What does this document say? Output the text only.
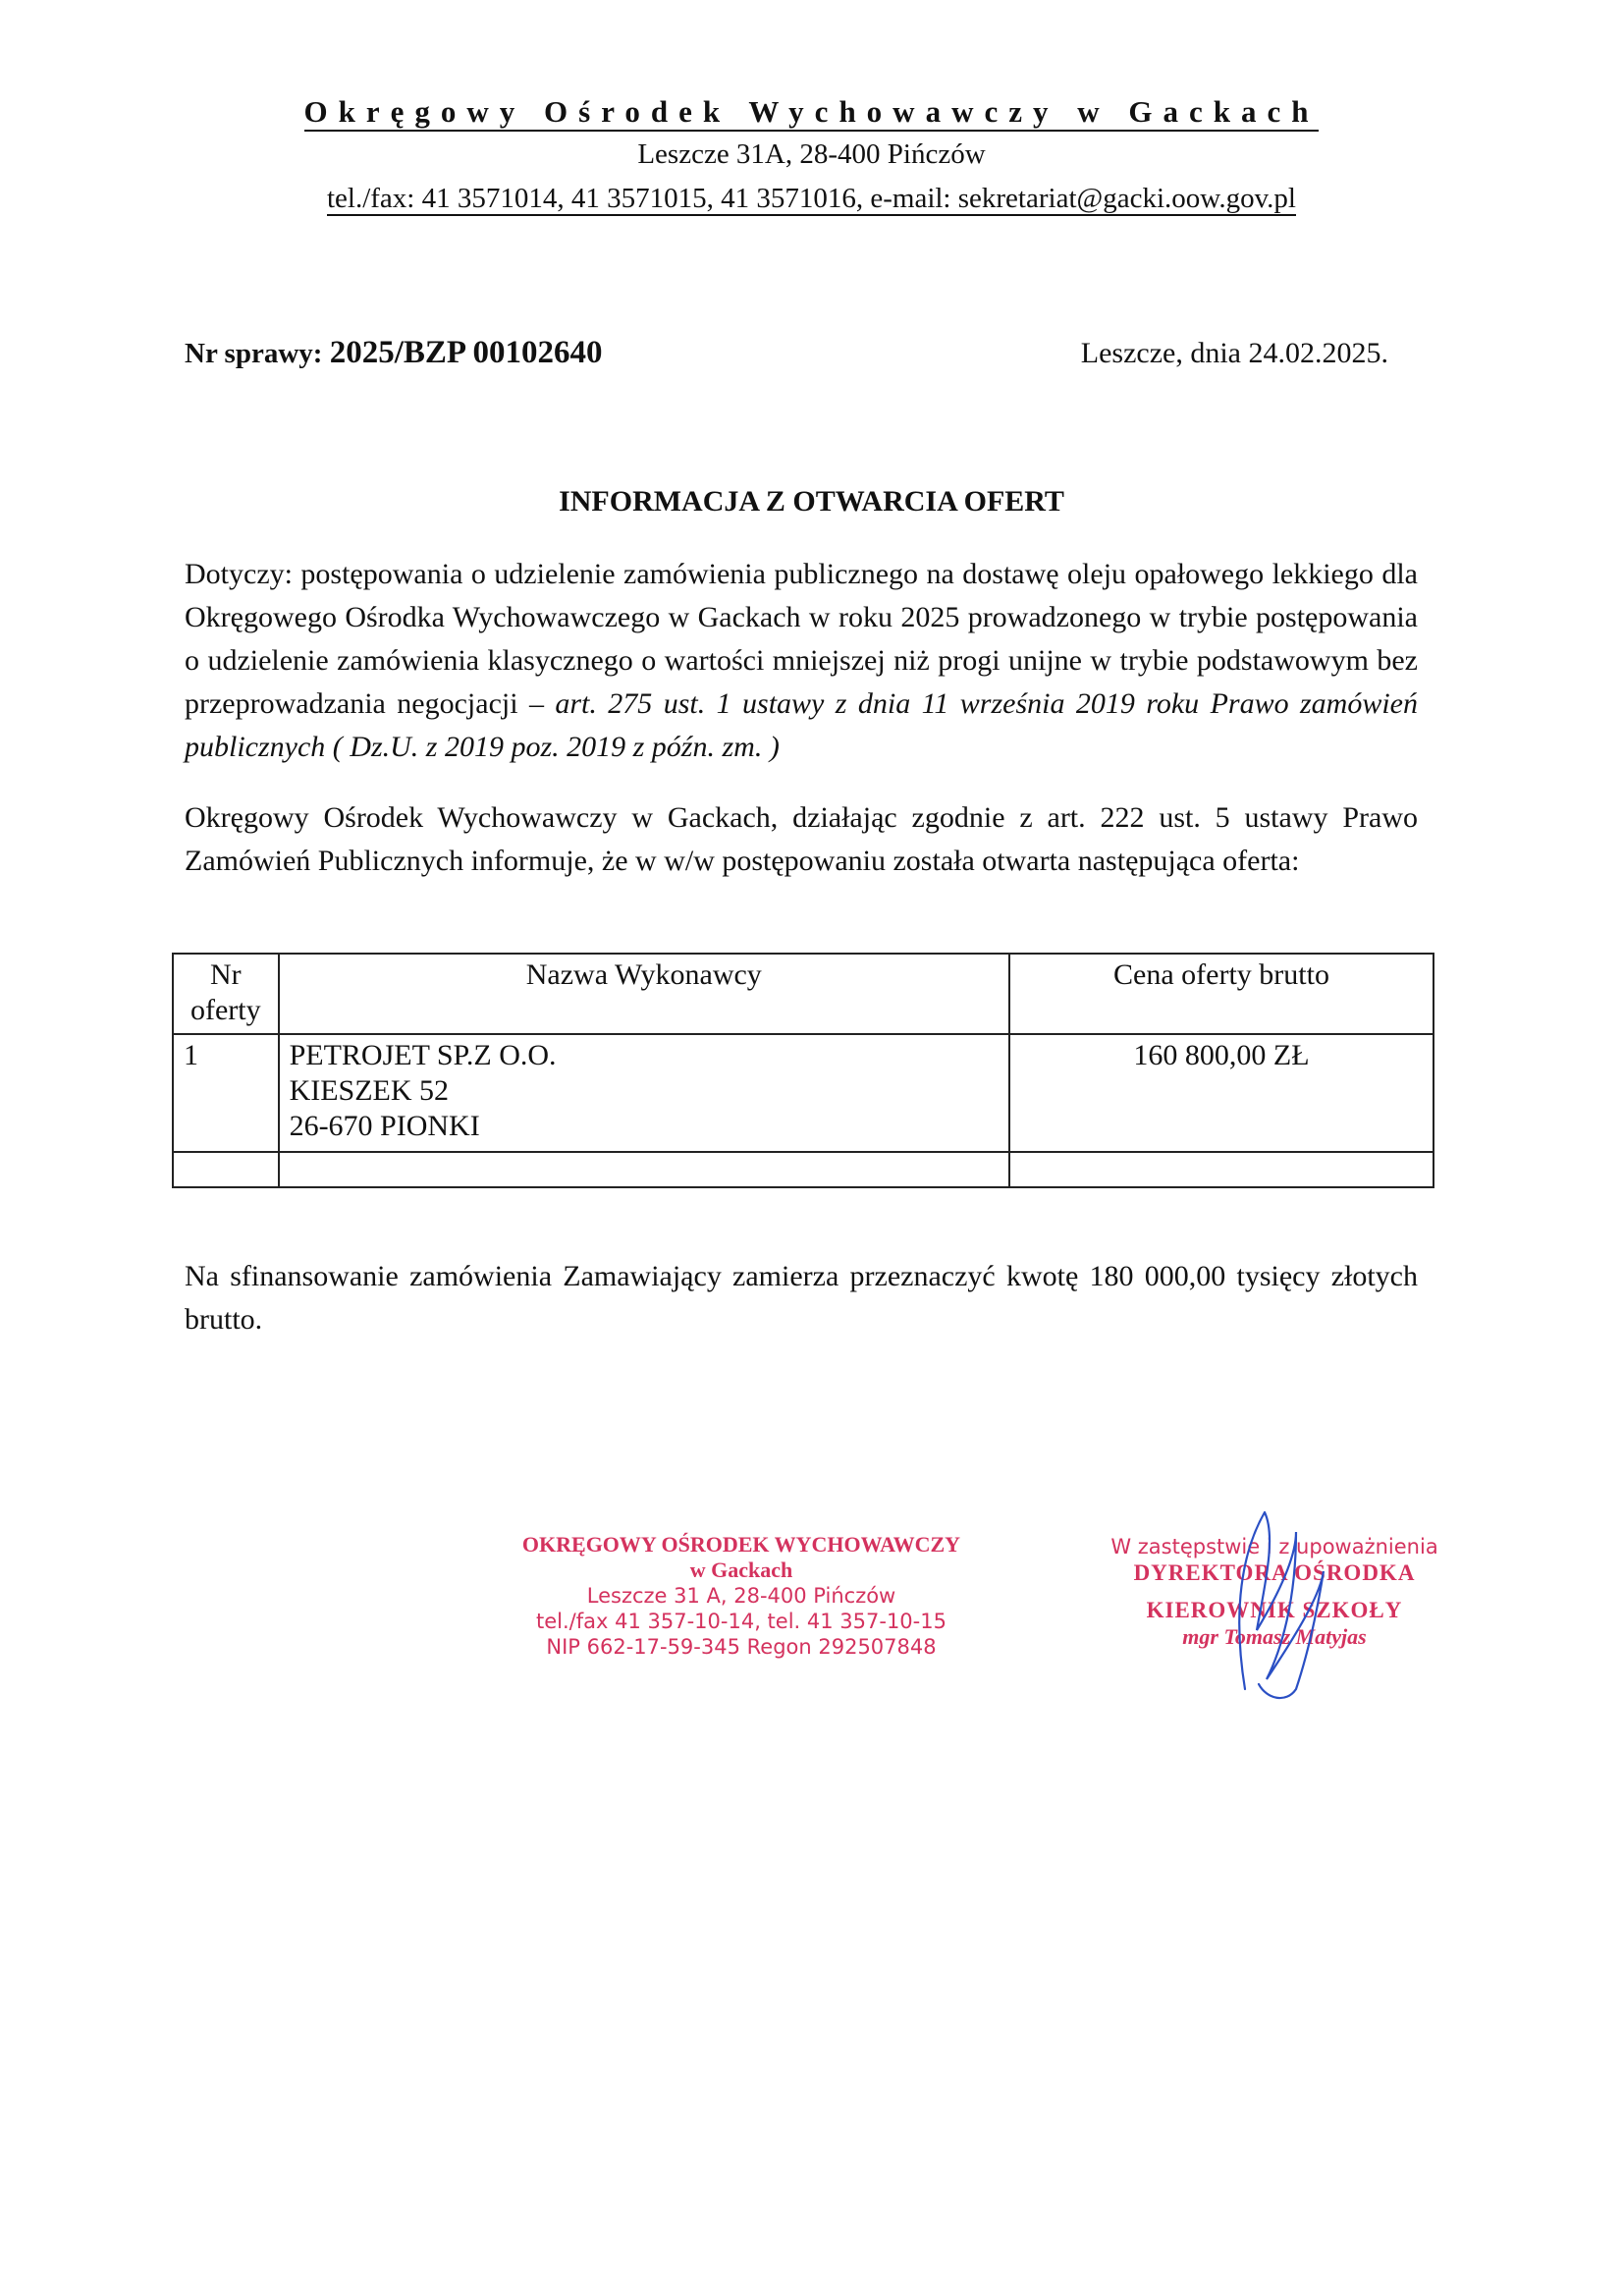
Okręgowy Ośrodek Wychowawczy w Gackach
Leszcze 31A, 28-400 Pińczów
tel./fax: 41 3571014, 41 3571015, 41 3571016, e-mail: sekretariat@gacki.oow.gov.pl
Nr sprawy: 2025/BZP 00102640	Leszcze, dnia 24.02.2025.
INFORMACJA Z OTWARCIA OFERT
Dotyczy: postępowania o udzielenie zamówienia publicznego na dostawę oleju opałowego lekkiego dla Okręgowego Ośrodka Wychowawczego w Gackach w roku 2025 prowadzonego w trybie postępowania o udzielenie zamówienia klasycznego o wartości mniejszej niż progi unijne w trybie podstawowym bez przeprowadzania negocjacji – art. 275 ust. 1 ustawy z dnia 11 września 2019 roku Prawo zamówień publicznych ( Dz.U. z 2019 poz. 2019 z późn. zm. )
Okręgowy Ośrodek Wychowawczy w Gackach, działając zgodnie z art. 222 ust. 5 ustawy Prawo Zamówień Publicznych informuje, że w w/w postępowaniu została otwarta następująca oferta:
Nr oferty	Nazwa Wykonawcy	Cena oferty brutto
1	PETROJET SP.Z O.O.
KIESZEK 52
26-670 PIONKI	160 800,00 ZŁ

Na sfinansowanie zamówienia Zamawiający zamierza przeznaczyć kwotę 180 000,00 tysięcy złotych brutto.
OKRĘGOWY OŚRODEK WYCHOWAWCZY
w Gackach
Leszcze 31 A, 28-400 Pińczów
tel./fax 41 357-10-14, tel. 41 357-10-15
NIP 662-17-59-345 Regon 292507848
W zastępstwie i z upoważnienia
DYREKTORA OŚRODKA
KIEROWNIK SZKOŁY
mgr Tomasz Matyjas
